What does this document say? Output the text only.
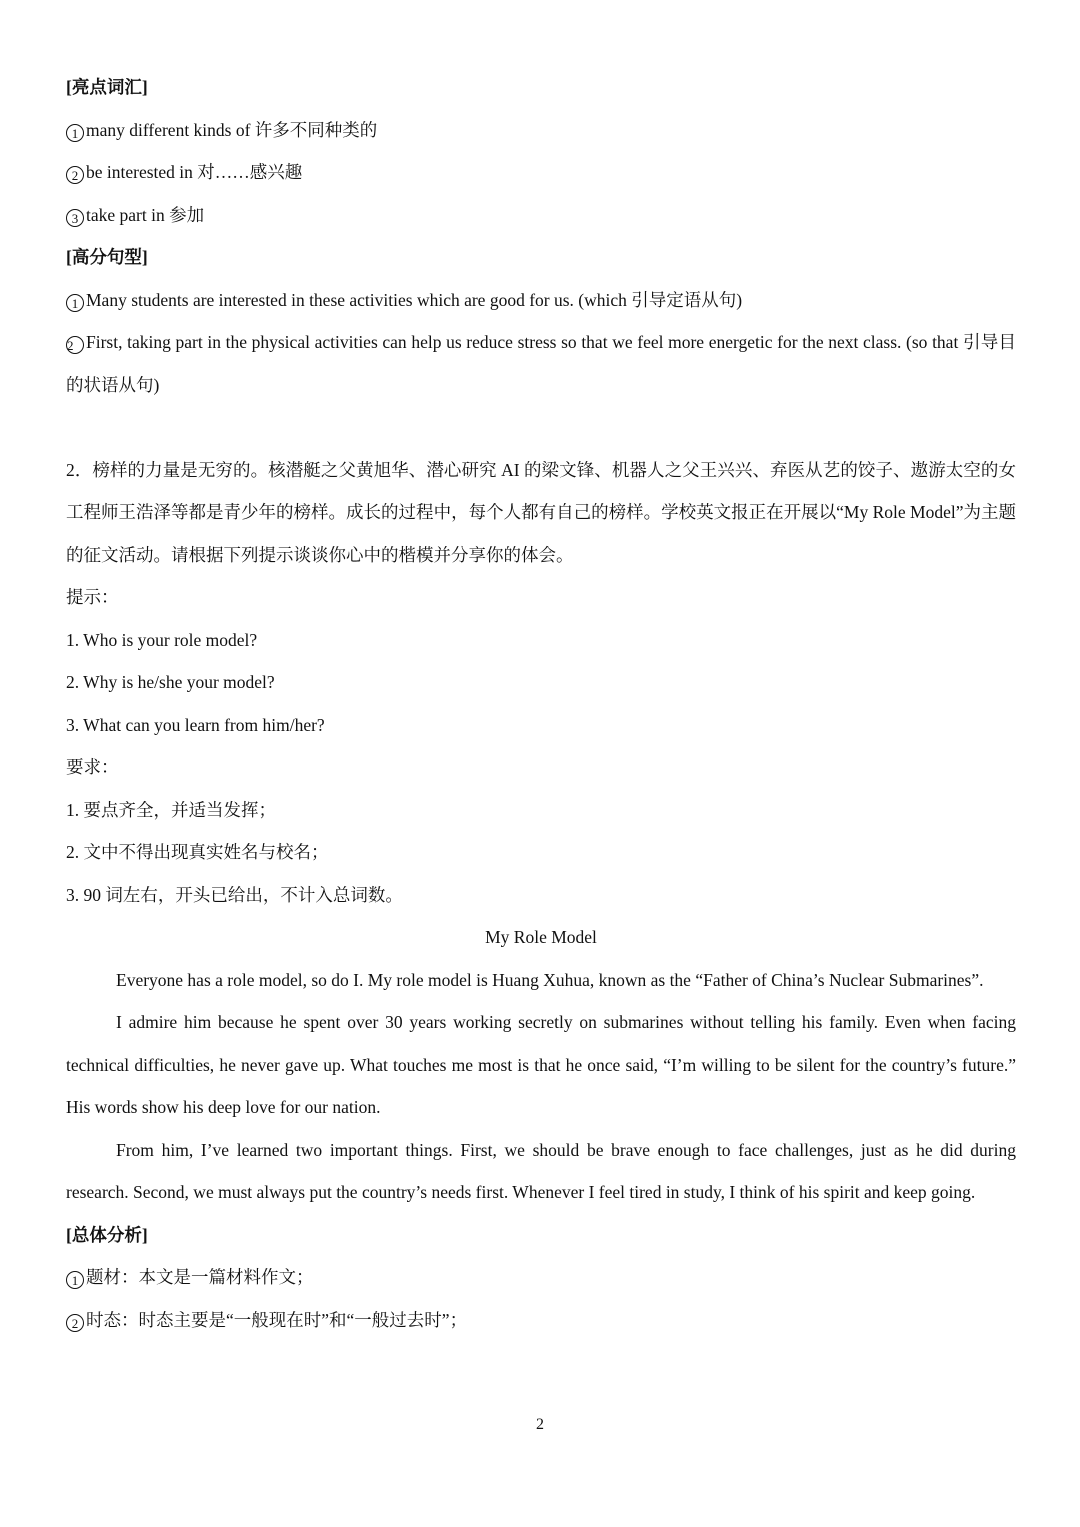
[亮点词汇]
1 many different kinds of 许多不同种类的
2 be interested in 对……感兴趣
3 take part in 参加
[高分句型]
1 Many students are interested in these activities which are good for us. (which 引导定语从句)
2 First, taking part in the physical activities can help us reduce stress so that we feel more energetic for the next class. (so that 引导目的状语从句)
2．榜样的力量是无穷的。核潜艇之父黄旭华、潜心研究 AI 的梁文锋、机器人之父王兴兴、弃医从艺的饺子、遨游太空的女工程师王浩泽等都是青少年的榜样。成长的过程中，每个人都有自己的榜样。学校英文报正在开展以“My Role Model”为主题的征文活动。请根据下列提示谈谈你心中的楷模并分享你的体会。
提示：
1. Who is your role model?
2. Why is he/she your model?
3. What can you learn from him/her?
要求：
1. 要点齐全，并适当发挥；
2. 文中不得出现真实姓名与校名；
3. 90 词左右，开头已给出，不计入总词数。
My Role Model
Everyone has a role model, so do I. My role model is Huang Xuhua, known as the “Father of China’s Nuclear Submarines”.
I admire him because he spent over 30 years working secretly on submarines without telling his family. Even when facing technical difficulties, he never gave up. What touches me most is that he once said, “I’m willing to be silent for the country’s future.” His words show his deep love for our nation.
From him, I’ve learned two important things. First, we should be brave enough to face challenges, just as he did during research. Second, we must always put the country’s needs first. Whenever I feel tired in study, I think of his spirit and keep going.
[总体分析]
1 题材：本文是一篇材料作文；
2 时态：时态主要是“一般现在时”和“一般过去时”；
2
